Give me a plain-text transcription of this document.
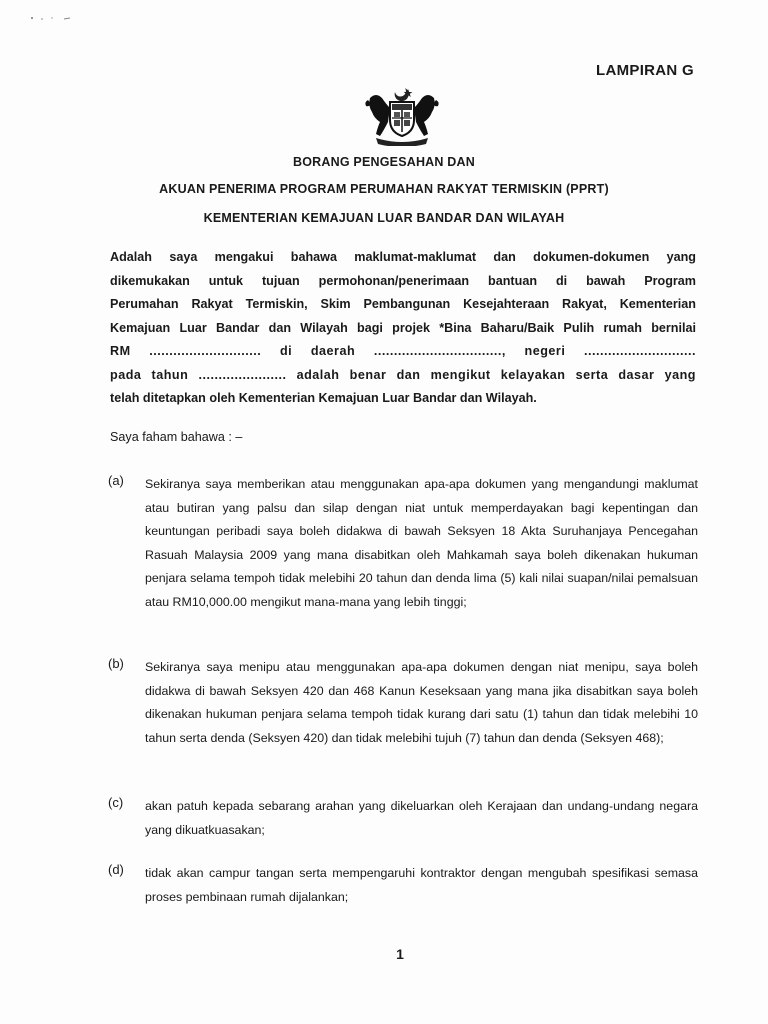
LAMPIRAN G
BORANG PENGESAHAN DAN
AKUAN PENERIMA PROGRAM PERUMAHAN RAKYAT TERMISKIN (PPRT)
KEMENTERIAN KEMAJUAN LUAR BANDAR DAN WILAYAH
Adalah saya mengakui bahawa maklumat-maklumat dan dokumen-dokumen yang
dikemukakan untuk tujuan permohonan/penerimaan bantuan di bawah Program
Perumahan Rakyat Termiskin, Skim Pembangunan Kesejahteraan Rakyat, Kementerian
Kemajuan Luar Bandar dan Wilayah bagi projek *Bina Baharu/Baik Pulih rumah bernilai
RM ............................ di daerah ................................, negeri ............................
pada tahun ...................... adalah benar dan mengikut kelayakan serta dasar yang
telah ditetapkan oleh Kementerian Kemajuan Luar Bandar dan Wilayah.
Saya faham bahawa : –
(a) Sekiranya saya memberikan atau menggunakan apa-apa dokumen yang mengandungi maklumat atau butiran yang palsu dan silap dengan niat untuk memperdayakan bagi kepentingan dan keuntungan peribadi saya boleh didakwa di bawah Seksyen 18 Akta Suruhanjaya Pencegahan Rasuah Malaysia 2009 yang mana disabitkan oleh Mahkamah saya boleh dikenakan hukuman penjara selama tempoh tidak melebihi 20 tahun dan denda lima (5) kali nilai suapan/nilai pemalsuan atau RM10,000.00 mengikut mana-mana yang lebih tinggi;
(b) Sekiranya saya menipu atau menggunakan apa-apa dokumen dengan niat menipu, saya boleh didakwa di bawah Seksyen 420 dan 468 Kanun Keseksaan yang mana jika disabitkan saya boleh dikenakan hukuman penjara selama tempoh tidak kurang dari satu (1) tahun dan tidak melebihi 10 tahun serta denda (Seksyen 420) dan tidak melebihi tujuh (7) tahun dan denda (Seksyen 468);
(c) akan patuh kepada sebarang arahan yang dikeluarkan oleh Kerajaan dan undang-undang negara yang dikuatkuasakan;
(d) tidak akan campur tangan serta mempengaruhi kontraktor dengan mengubah spesifikasi semasa proses pembinaan rumah dijalankan;
1
